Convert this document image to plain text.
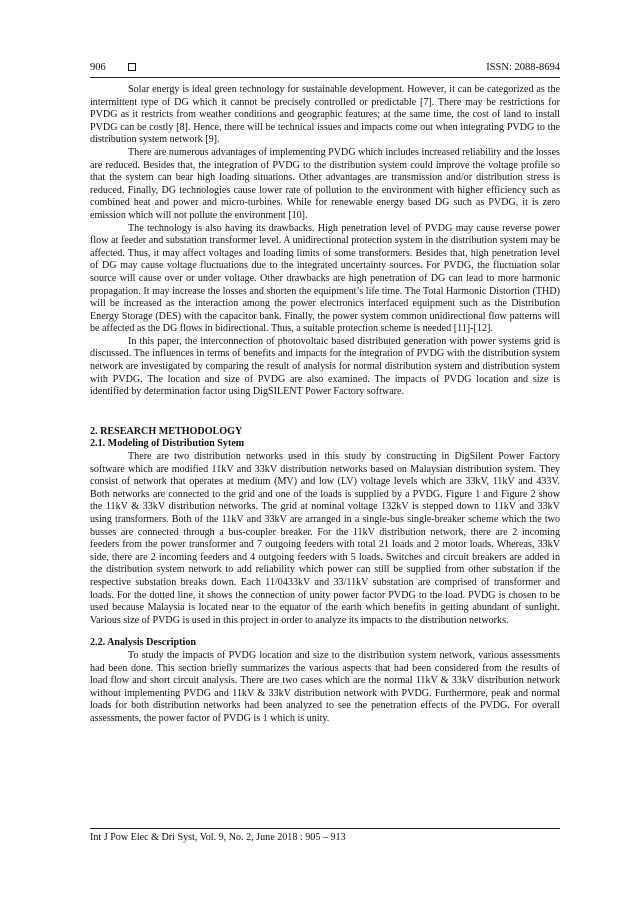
906	ISSN: 2088-8694

Solar energy is ideal green technology for sustainable development. However, it can be categorized as the intermittent type of DG which it cannot be precisely controlled or predictable [7]. There may be restrictions for PVDG as it restricts from weather conditions and geographic features; at the same time, the cost of land to install PVDG can be costly [8]. Hence, there will be technical issues and impacts come out when integrating PVDG to the distribution system network [9].

There are numerous advantages of implementing PVDG which includes increased reliability and the losses are reduced. Besides that, the integration of PVDG to the distribution system could improve the voltage profile so that the system can bear high loading situations. Other advantages are transmission and/or distribution stress is reduced. Finally, DG technologies cause lower rate of pollution to the environment with higher efficiency such as combined heat and power and micro-turbines. While for renewable energy based DG such as PVDG, it is zero emission which will not pollute the environment [10].

The technology is also having its drawbacks. High penetration level of PVDG may cause reverse power flow at feeder and substation transformer level. A unidirectional protection system in the distribution system may be affected. Thus, it may affect voltages and loading limits of some transformers. Besides that, high penetration level of DG may cause voltage fluctuations due to the integrated uncertainty sources. For PVDG, the fluctuation solar source will cause over or under voltage. Other drawbacks are high penetration of DG can lead to more harmonic propagation. It may increase the losses and shorten the equipment’s life time. The Total Harmonic Distortion (THD) will be increased as the interaction among the power electronics interfaced equipment such as the Distribution Energy Storage (DES) with the capacitor bank. Finally, the power system common unidirectional flow patterns will be affected as the DG flows in bidirectional. Thus, a suitable protection scheme is needed [11]-[12].

In this paper, the interconnection of photovoltaic based distributed generation with power systems grid is discussed. The influences in terms of benefits and impacts for the integration of PVDG with the distribution system network are investigated by comparing the result of analysis for normal distribution system and distribution system with PVDG. The location and size of PVDG are also examined. The impacts of PVDG location and size is identified by determination factor using DigSILENT Power Factory software.

2. RESEARCH METHODOLOGY

2.1. Modeling of Distribution Sytem

There are two distribution networks used in this study by constructing in DigSilent Power Factory software which are modified 11kV and 33kV distribution networks based on Malaysian distribution system. They consist of network that operates at medium (MV) and low (LV) voltage levels which are 33kV, 11kV and 433V. Both networks are connected to the grid and one of the loads is supplied by a PVDG. Figure 1 and Figure 2 show the 11kV & 33kV distribution networks. The grid at nominal voltage 132kV is stepped down to 11kV and 33kV using transformers. Both of the 11kV and 33kV are arranged in a single-bus single-breaker scheme which the two busses are connected through a bus-coupler breaker. For the 11kV distribution network, there are 2 incoming feeders from the power transformer and 7 outgoing feeders with total 21 loads and 2 motor loads. Whereas, 33kV side, there are 2 incoming feeders and 4 outgoing feeders with 5 loads. Switches and circuit breakers are added in the distribution system network to add reliability which power can still be supplied from other substation if the respective substation breaks down. Each 11/0433kV and 33/11kV substation are comprised of transformer and loads. For the dotted line, it shows the connection of unity power factor PVDG to the load. PVDG is chosen to be used because Malaysia is located near to the equator of the earth which benefits in getting abundant of sunlight. Various size of PVDG is used in this project in order to analyze its impacts to the distribution networks.

2.2. Analysis Description

To study the impacts of PVDG location and size to the distribution system network, various assessments had been done. This section briefly summarizes the various aspects that had been considered from the results of load flow and short circuit analysis. There are two cases which are the normal 11kV & 33kV distribution network without implementing PVDG and 11kV & 33kV distribution network with PVDG. Furthermore, peak and normal loads for both distribution networks had been analyzed to see the penetration effects of the PVDG. For overall assessments, the power factor of PVDG is 1 which is unity.

Int J Pow Elec & Dri Syst, Vol. 9, No. 2, June 2018 : 905 – 913
